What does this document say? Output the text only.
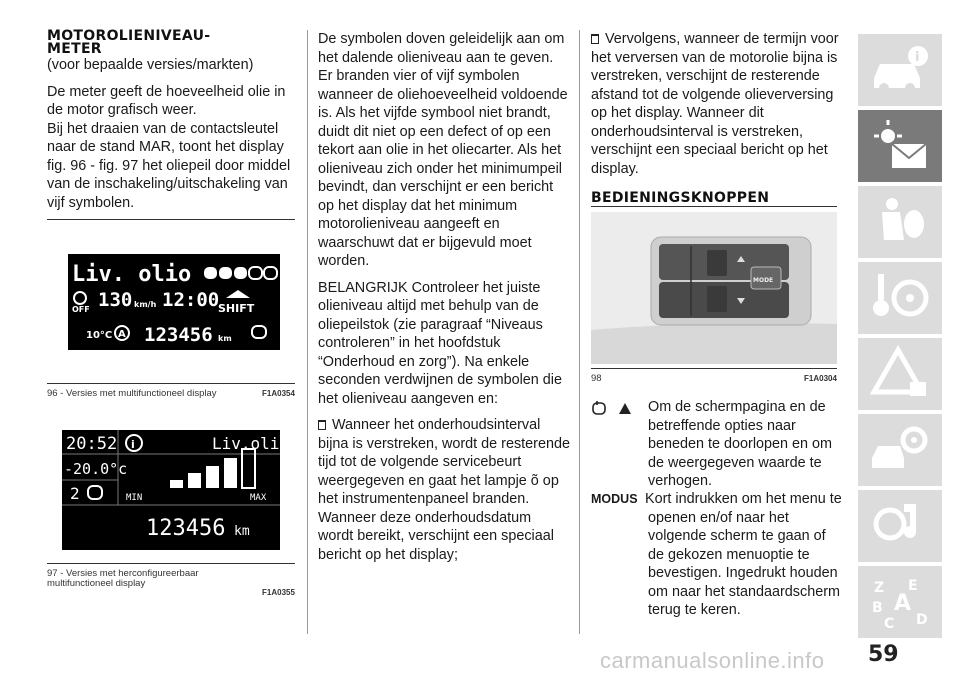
MOTOROLIENIVEAU-
METER

(voor bepaalde versies/markten)

De meter geeft de hoeveelheid olie in de motor grafisch weer.

Bij het draaien van de contactsleutel naar de stand MAR, toont het display fig. 96 - fig. 97 het oliepeil door middel van de inschakeling/uitschakeling van vijf symbolen.

Liv. olio
OFF 130 km/h 12:00
SHIFT
10°C A 123456 km
96 - Versies met multifunctioneel display	F1A0354
20:52 i	Liv.olio
-20.0°c
2	MIN	MAX
123456 km
97 - Versies met herconfigureerbaar multifunctioneel display
F1A0355

De symbolen doven geleidelijk aan om het dalende olieniveau aan te geven. Er branden vier of vijf symbolen wanneer de oliehoeveelheid voldoende is. Als het vijfde symbool niet brandt, duidt dit niet op een defect of op een tekort aan olie in het oliecarter. Als het olieniveau zich onder het minimumpeil bevindt, dan verschijnt er een bericht op het display dat het minimum motorolieniveau aangeeft en waarschuwt dat er bijgevuld moet worden.

BELANGRIJK Controleer het juiste olieniveau altijd met behulp van de oliepeilstok (zie paragraaf “Niveaus controleren” in het hoofdstuk “Onderhoud en zorg”). Na enkele seconden verdwijnen de symbolen die het olieniveau aangeven en:

Wanneer het onderhoudsinterval bijna is verstreken, wordt de resterende tijd tot de volgende servicebeurt weergegeven en gaat het lampje õ op het instrumentenpaneel branden. Wanneer deze onderhoudsdatum wordt bereikt, verschijnt een speciaal bericht op het display;

Vervolgens, wanneer de termijn voor het verversen van de motorolie bijna is verstreken, verschijnt de resterende afstand tot de volgende olieverversing op het display. Wanneer dit onderhoudsinterval is verstreken, verschijnt een speciaal bericht op het display.

BEDIENINGSKNOPPEN
MODE
98	F1A0304

Om de schermpagina en de betreffende opties naar beneden te doorlopen en om de weergegeven waarde te verhogen.

MODUS Kort indrukken om het menu te openen en/of naar het volgende scherm te gaan of de gekozen menuoptie te bevestigen. Ingedrukt houden om naar het standaardscherm terug te keren.

i
Z E
B A
C D
59
carmanualsonline.info
